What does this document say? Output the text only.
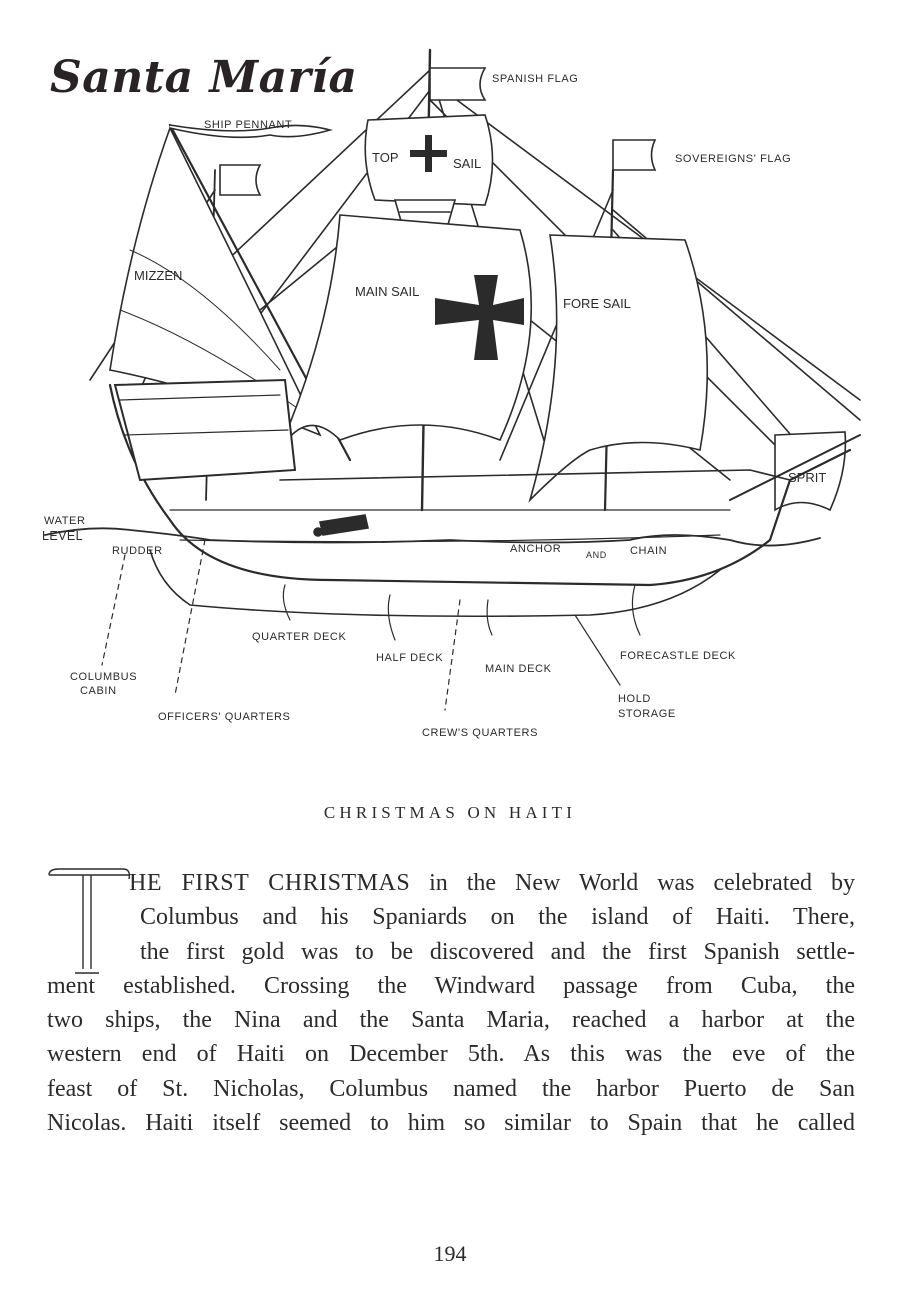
Santa María
SHIP PENNANT
SPANISH FLAG
SOVEREIGNS' FLAG
TOP	SAIL
MIZZEN
MAIN SAIL
FORE SAIL
SPRIT
WATER
LEVEL
RUDDER	ANCHOR	AND CHAIN
QUARTER DECK
HALF DECK
MAIN DECK
FORECASTLE DECK
COLUMBUS
CABIN
OFFICERS' QUARTERS
HOLD
STORAGE
CREW'S QUARTERS
CHRISTMAS ON HAITI
HE FIRST CHRISTMAS in the New World was celebrated by
Columbus and his Spaniards on the island of Haiti. There,
the first gold was to be discovered and the first Spanish settle-
ment established. Crossing the Windward passage from Cuba, the
two ships, the Nina and the Santa Maria, reached a harbor at the
western end of Haiti on December 5th. As this was the eve of the
feast of St. Nicholas, Columbus named the harbor Puerto de San
Nicolas. Haiti itself seemed to him so similar to Spain that he called
194
